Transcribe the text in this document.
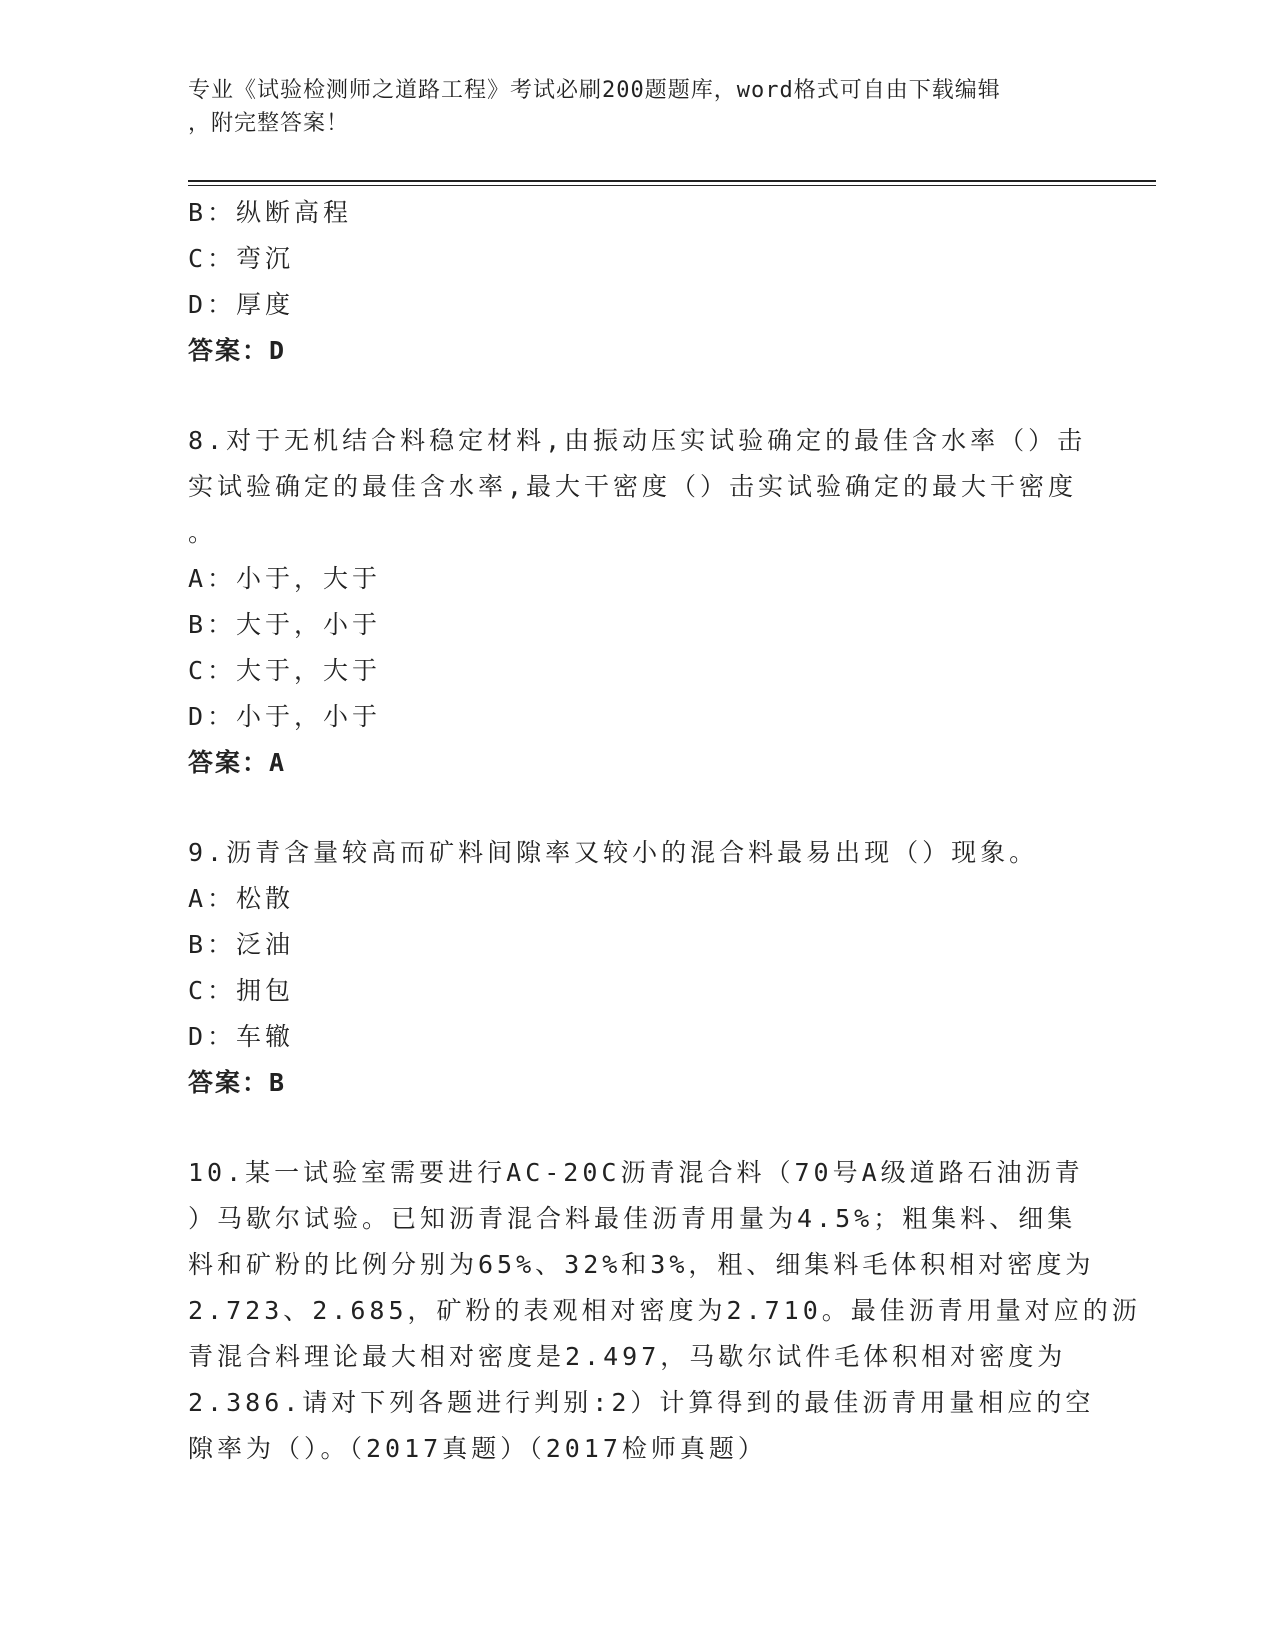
专业《试验检测师之道路工程》考试必刷200题题库，word格式可自由下载编辑
，附完整答案！
B：纵断高程
C：弯沉
D：厚度
答案：D
8.对于无机结合料稳定材料,由振动压实试验确定的最佳含水率（）击
实试验确定的最佳含水率,最大干密度（）击实试验确定的最大干密度
。
A：小于，大于
B：大于，小于
C：大于，大于
D：小于，小于
答案：A
9.沥青含量较高而矿料间隙率又较小的混合料最易出现（）现象。
A：松散
B：泛油
C：拥包
D：车辙
答案：B
10.某一试验室需要进行AC-20C沥青混合料（70号A级道路石油沥青
）马歇尔试验。已知沥青混合料最佳沥青用量为4.5%；粗集料、细集
料和矿粉的比例分别为65%、32%和3%，粗、细集料毛体积相对密度为
2.723、2.685，矿粉的表观相对密度为2.710。最佳沥青用量对应的沥
青混合料理论最大相对密度是2.497，马歇尔试件毛体积相对密度为
2.386.请对下列各题进行判别:2）计算得到的最佳沥青用量相应的空
隙率为（）。（2017真题）（2017检师真题）
